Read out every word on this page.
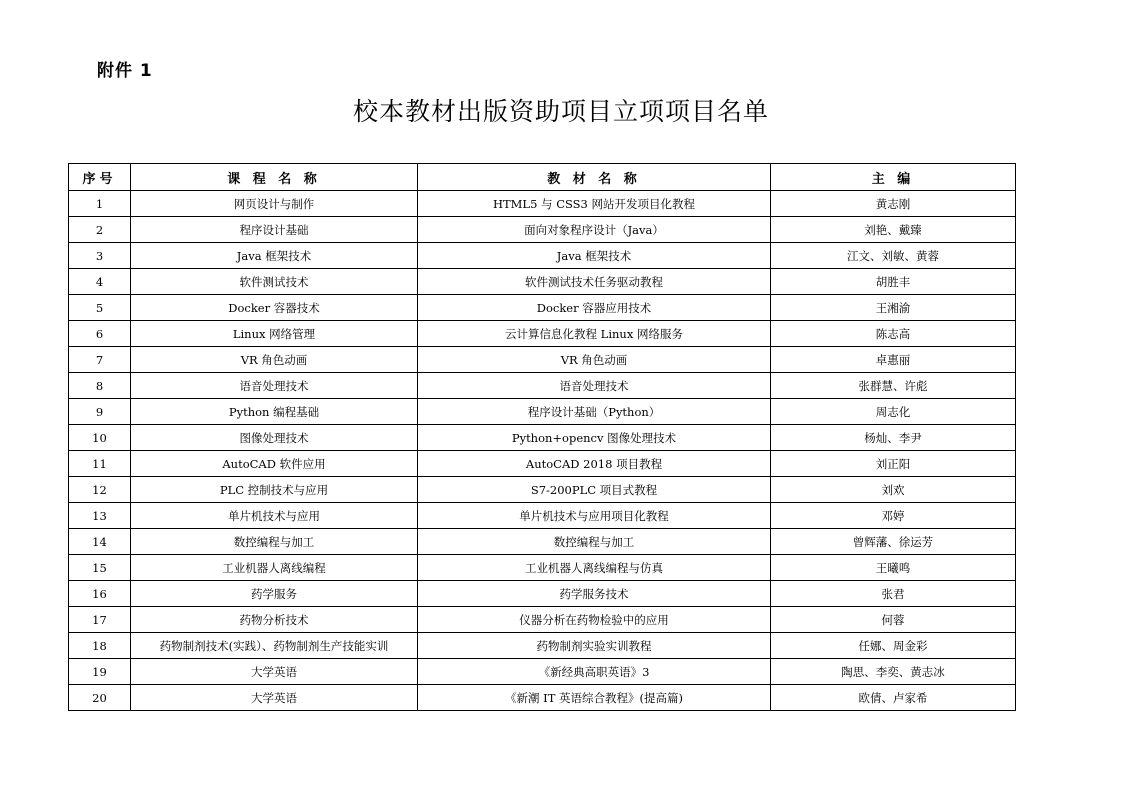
附件 1
校本教材出版资助项目立项项目名单
序号	课 程 名 称	教 材 名 称	主 编
1	网页设计与制作	HTML5 与 CSS3 网站开发项目化教程	黄志刚
2	程序设计基础	面向对象程序设计（Java）	刘艳、戴臻
3	Java 框架技术	Java 框架技术	江文、刘敏、黄蓉
4	软件测试技术	软件测试技术任务驱动教程	胡胜丰
5	Docker 容器技术	Docker 容器应用技术	王湘渝
6	Linux 网络管理	云计算信息化教程 Linux 网络服务	陈志高
7	VR 角色动画	VR 角色动画	卓惠丽
8	语音处理技术	语音处理技术	张群慧、许彪
9	Python 编程基础	程序设计基础（Python）	周志化
10	图像处理技术	Python+opencv 图像处理技术	杨灿、李尹
11	AutoCAD 软件应用	AutoCAD 2018 项目教程	刘正阳
12	PLC 控制技术与应用	S7-200PLC 项目式教程	刘欢
13	单片机技术与应用	单片机技术与应用项目化教程	邓婷
14	数控编程与加工	数控编程与加工	曾辉藩、徐运芳
15	工业机器人离线编程	工业机器人离线编程与仿真	王曦鸣
16	药学服务	药学服务技术	张君
17	药物分析技术	仪器分析在药物检验中的应用	何蓉
18	药物制剂技术(实践）、药物制剂生产技能实训	药物制剂实验实训教程	任娜、周金彩
19	大学英语	《新经典高职英语》3	陶思、李奕、黄志冰
20	大学英语	《新潮 IT 英语综合教程》(提高篇)	欧倩、卢家希
